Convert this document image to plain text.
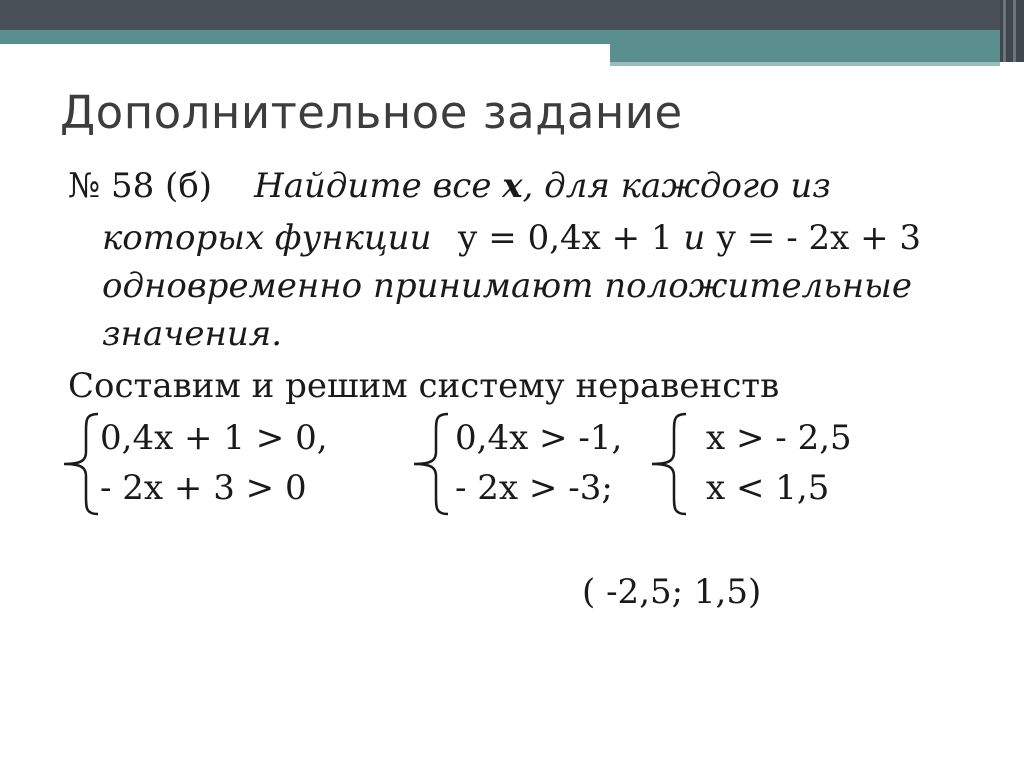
Дополнительное задание
№ 58 (б) Найдите все х, для каждого из
которых функции у = 0,4х + 1 и у = - 2х + 3
одновременно принимают положительные
значения.
Составим и решим систему неравенств
0,4х + 1 > 0,
- 2х + 3 > 0
0,4х > -1,
- 2х > -3;
х > - 2,5
х < 1,5
( -2,5; 1,5)
